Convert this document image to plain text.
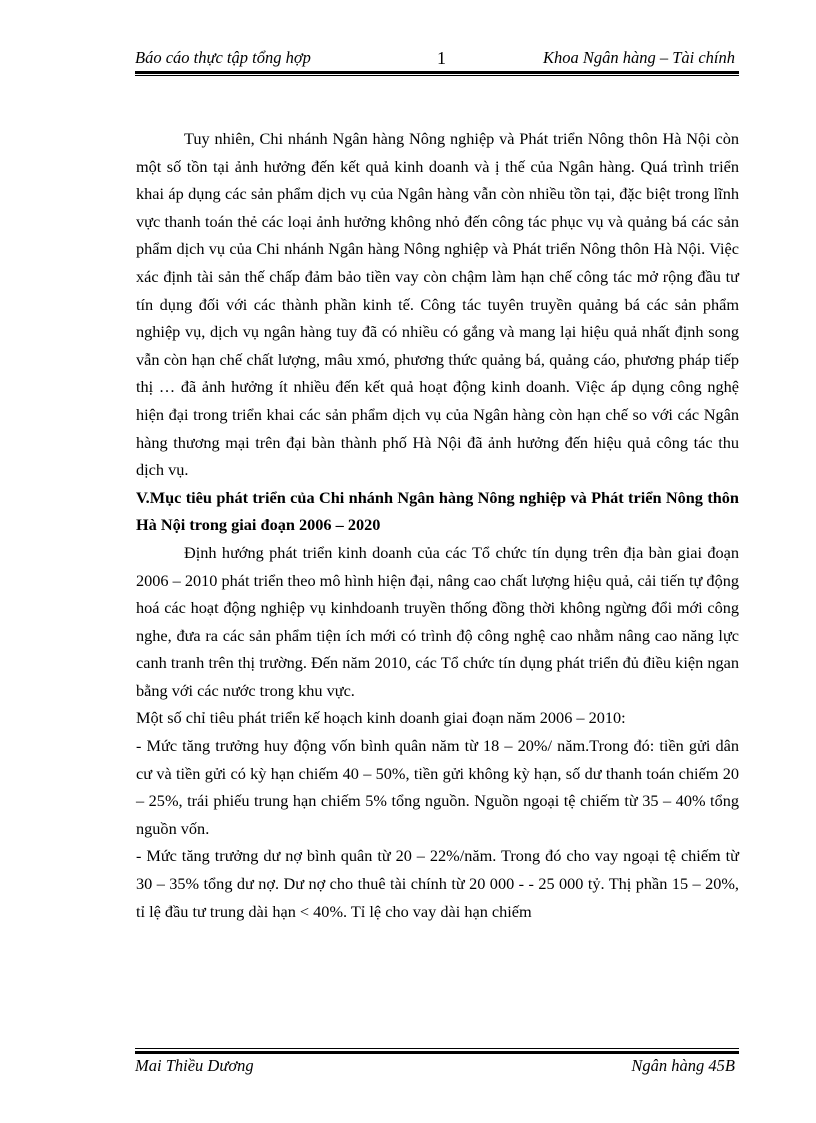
Báo cáo thực tập tổng hợp	1	Khoa Ngân hàng – Tài chính

Tuy nhiên, Chi nhánh Ngân hàng Nông nghiệp và Phát triển Nông thôn Hà Nội còn một số tồn tại ảnh hưởng đến kết quả kinh doanh và ị thế của Ngân hàng. Quá trình triển khai áp dụng các sản phẩm dịch vụ của Ngân hàng vẫn còn nhiều tồn tại, đặc biệt trong lĩnh vực thanh toán thẻ các loại ảnh hưởng không nhỏ đến công tác phục vụ và quảng bá các sản phẩm dịch vụ của Chi nhánh Ngân hàng Nông nghiệp và Phát triển Nông thôn Hà Nội. Việc xác định tài sản thế chấp đảm bảo tiền vay còn chậm làm hạn chế công tác mở rộng đầu tư tín dụng đối với các thành phần kinh tế. Công tác tuyên truyền quảng bá các sản phẩm nghiệp vụ, dịch vụ ngân hàng tuy đã có nhiều có gắng và mang lại hiệu quả nhất định song vẫn còn hạn chế chất lượng, mâu xmó, phương thức quảng bá, quảng cáo, phương pháp tiếp thị … đã ảnh hưởng ít nhiều đến kết quả hoạt động kinh doanh. Việc áp dụng công nghệ hiện đại trong triển khai các sản phẩm dịch vụ của Ngân hàng còn hạn chế so với các Ngân hàng thương mại trên đại bàn thành phố Hà Nội đã ảnh hưởng đến hiệu quả công tác thu dịch vụ.

V.Mục tiêu phát triển của Chi nhánh Ngân hàng Nông nghiệp và Phát triển Nông thôn Hà Nội trong giai đoạn 2006 – 2020

Định hướng phát triển kinh doanh của các Tổ chức tín dụng trên địa bàn giai đoạn 2006 – 2010 phát triển theo mô hình hiện đại, nâng cao chất lượng hiệu quả, cải tiến tự động hoá các hoạt động nghiệp vụ kinhdoanh truyền thống đồng thời không ngừng đổi mới công nghe, đưa ra các sản phẩm tiện ích mới có trình độ công nghệ cao nhằm nâng cao năng lực canh tranh trên thị trường. Đến năm 2010, các Tổ chức tín dụng phát triển đủ điều kiện ngan bằng với các nước trong khu vực.

Một số chỉ tiêu phát triển kế hoạch kinh doanh giai đoạn năm 2006 – 2010:

- Mức tăng trưởng huy động vốn bình quân năm từ 18 – 20%/ năm.Trong đó: tiền gửi dân cư và tiền gửi có kỳ hạn chiếm 40 – 50%, tiền gửi không kỳ hạn, số dư thanh toán chiếm 20 – 25%, trái phiếu trung hạn chiếm 5% tổng nguồn. Nguồn ngoại tệ chiếm từ 35 – 40% tổng nguồn vốn.

- Mức tăng trưởng dư nợ bình quân từ 20 – 22%/năm. Trong đó cho vay ngoại tệ chiếm từ 30 – 35% tổng dư nợ. Dư nợ cho thuê tài chính từ 20 000 - - 25 000 tỷ. Thị phần 15 – 20%, tỉ lệ đầu tư trung dài hạn < 40%. Tỉ lệ cho vay dài hạn chiếm

Mai Thiều Dương	Ngân hàng 45B
